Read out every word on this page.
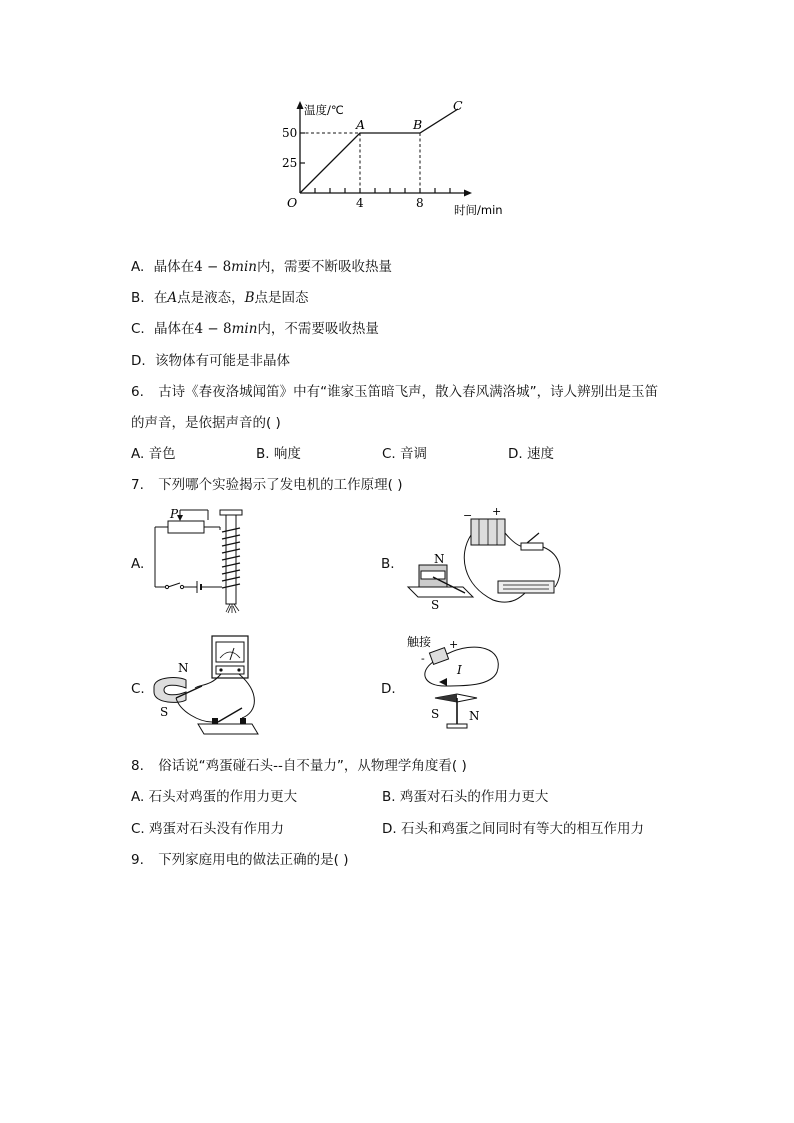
温度/℃
50
25
O	4	8	时间/min
A	B
C
A. 晶体在4 − 8min内，需要不断吸收热量
B. 在A点是液态，B点是固态
C. 晶体在4 − 8min内，不需要吸收热量
D. 该物体有可能是非晶体
6. 古诗《春夜洛城闻笛》中有“谁家玉笛暗飞声，散入春风满洛城”，诗人辨别出是玉笛
的声音，是依据声音的( )
A. 音色	B. 响度	C. 音调	D. 速度
7. 下列哪个实验揭示了发电机的工作原理( )
A.	B.
C.	D.
P	− +
N
S
N
S
触接
-
+
I
S N
8. 俗话说“鸡蛋碰石头--自不量力”，从物理学角度看( )
A. 石头对鸡蛋的作用力更大	B. 鸡蛋对石头的作用力更大
C. 鸡蛋对石头没有作用力	D. 石头和鸡蛋之间同时有等大的相互作用力
9. 下列家庭用电的做法正确的是( )
